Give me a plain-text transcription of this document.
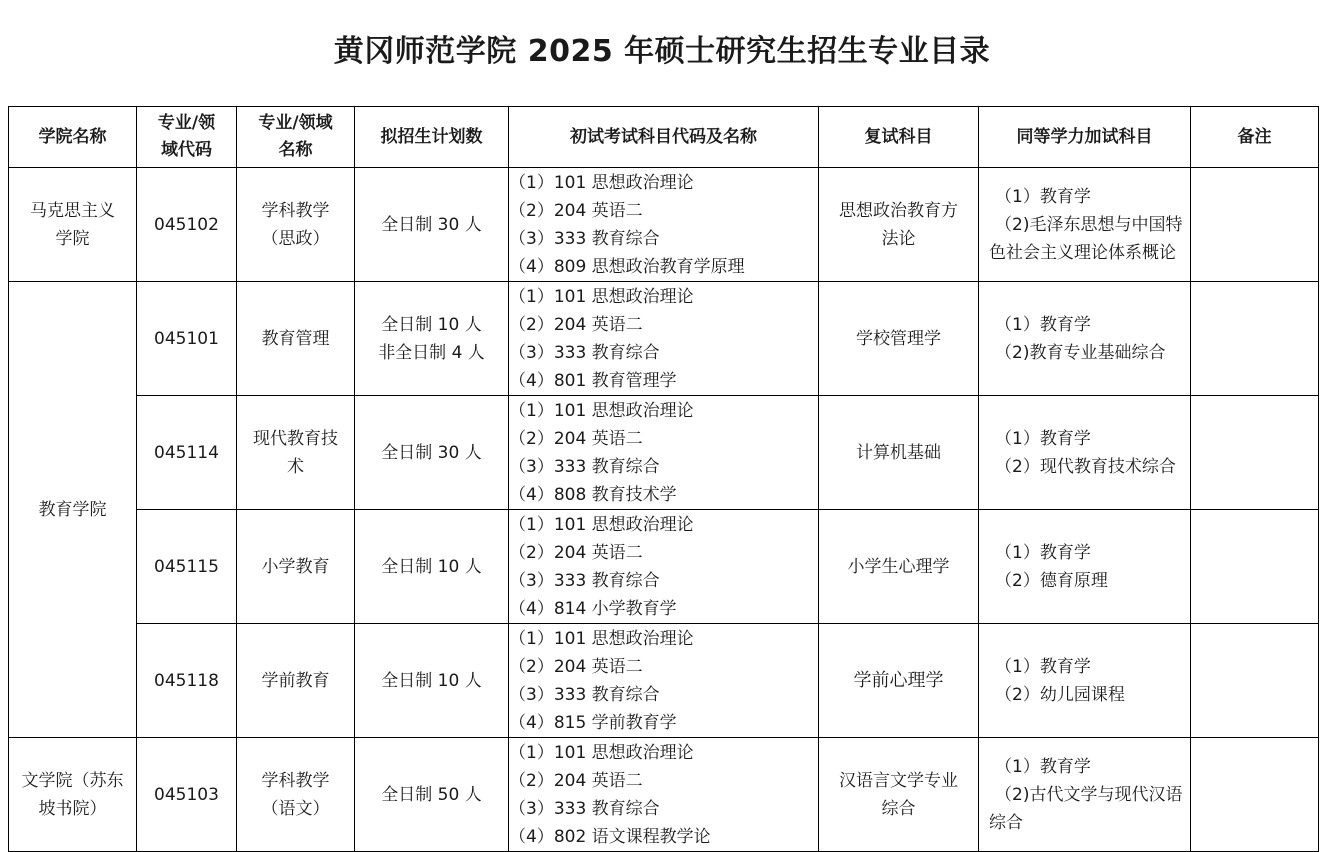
黄冈师范学院 2025 年硕士研究生招生专业目录
学院名称	专业/领域代码	专业/领域名称	拟招生计划数	初试考试科目代码及名称	复试科目	同等学力加试科目	备注
马克思主义学院	045102	学科教学（思政）	全日制 30 人	（1）101 思想政治理论
（2）204 英语二
（3）333 教育综合
（4）809 思想政治教育学原理	思想政治教育方法论	（1）教育学
（2)毛泽东思想与中国特色社会主义理论体系概论	

教育学院	045101	教育管理	全日制 10 人
非全日制 4 人	（1）101 思想政治理论
（2）204 英语二
（3）333 教育综合
（4）801 教育管理学	学校管理学	（1）教育学
（2)教育专业基础综合	

	045114	现代教育技术	全日制 30 人	（1）101 思想政治理论
（2）204 英语二
（3）333 教育综合
（4）808 教育技术学	计算机基础	（1）教育学
（2）现代教育技术综合	

	045115	小学教育	全日制 10 人	（1）101 思想政治理论
（2）204 英语二
（3）333 教育综合
（4）814 小学教育学	小学生心理学	（1）教育学
（2）德育原理	

	045118	学前教育	全日制 10 人	（1）101 思想政治理论
（2）204 英语二
（3）333 教育综合
（4）815 学前教育学	学前心理学	（1）教育学
（2）幼儿园课程	

文学院（苏东坡书院）	045103	学科教学（语文）	全日制 50 人	（1）101 思想政治理论
（2）204 英语二
（3）333 教育综合
（4）802 语文课程教学论	汉语言文学专业综合	（1）教育学
（2)古代文学与现代汉语综合	
